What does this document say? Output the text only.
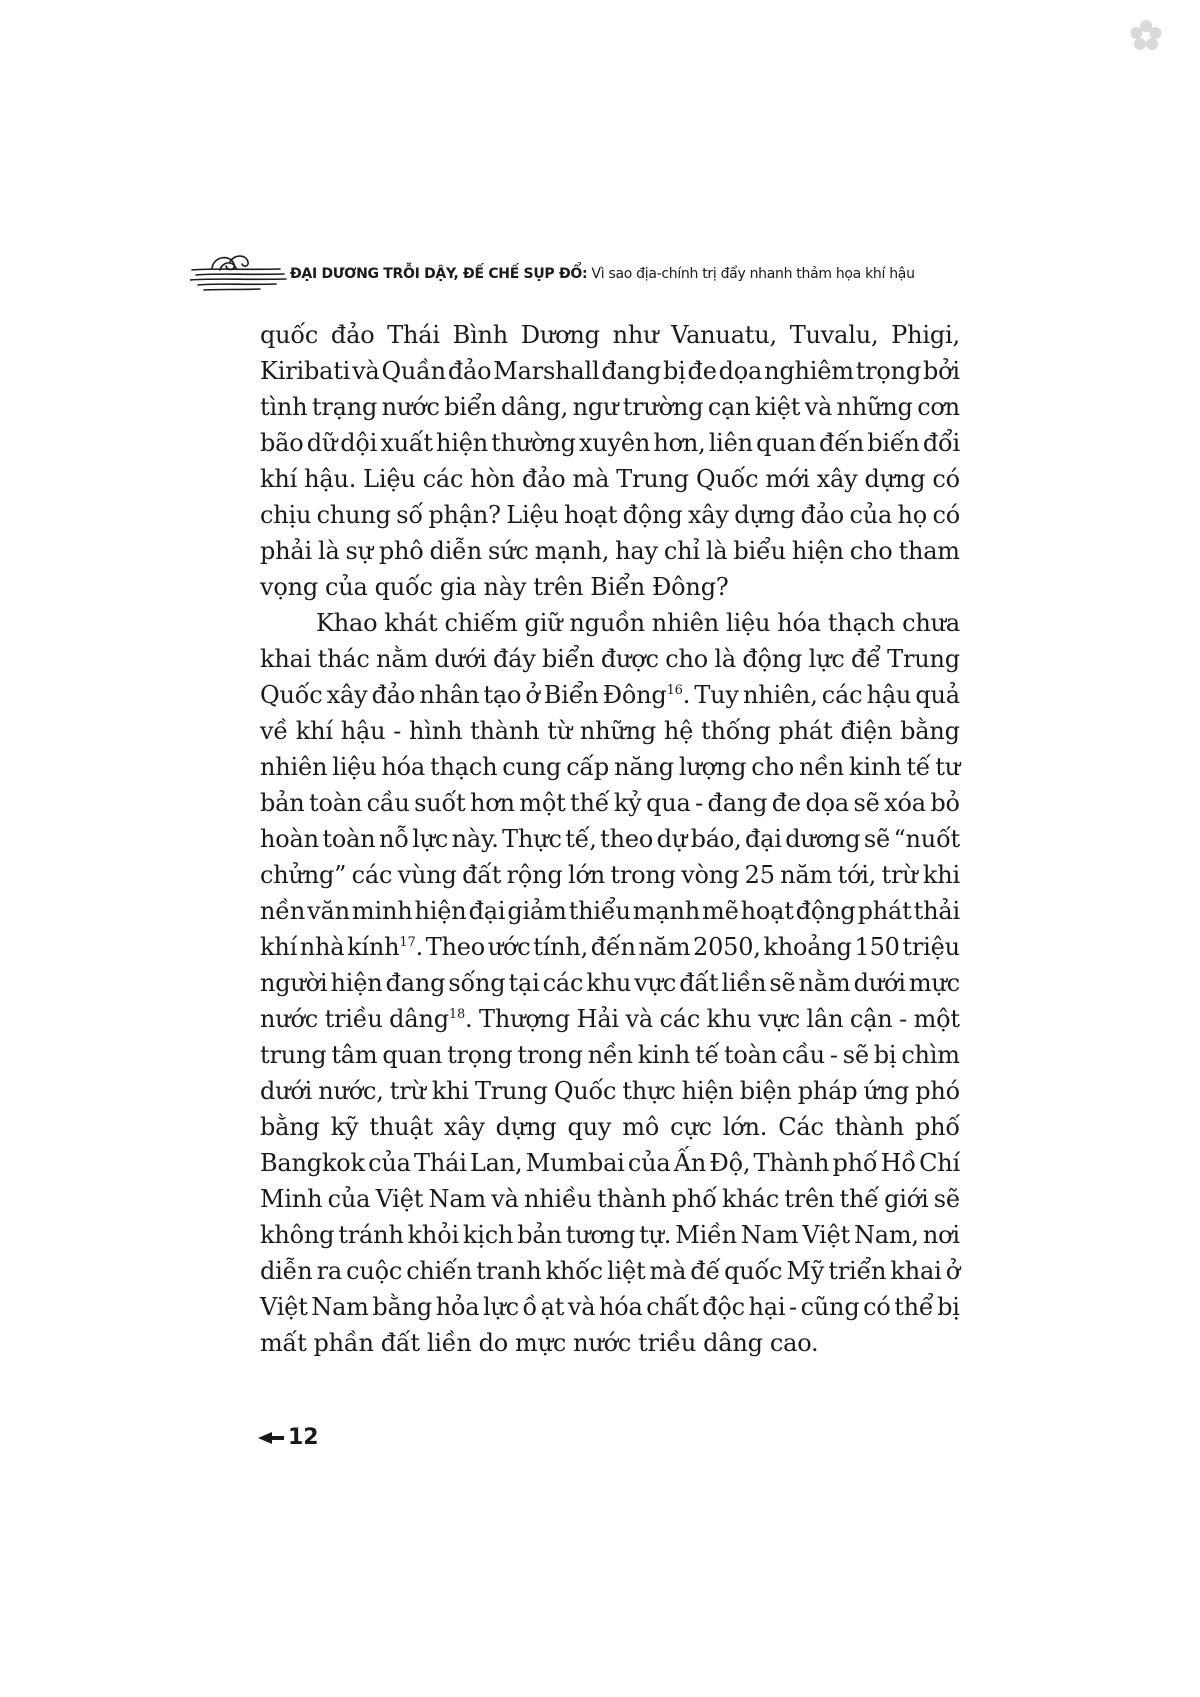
ĐẠI DƯƠNG TRỖI DẬY, ĐẾ CHẾ SỤP ĐỔ: Vì sao địa-chính trị đẩy nhanh thảm họa khí hậu
quốc đảo Thái Bình Dương như Vanuatu, Tuvalu, Phigi,
Kiribati và Quần đảo Marshall đang bị đe dọa nghiêm trọng bởi
tình trạng nước biển dâng, ngư trường cạn kiệt và những cơn
bão dữ dội xuất hiện thường xuyên hơn, liên quan đến biến đổi
khí hậu. Liệu các hòn đảo mà Trung Quốc mới xây dựng có
chịu chung số phận? Liệu hoạt động xây dựng đảo của họ có
phải là sự phô diễn sức mạnh, hay chỉ là biểu hiện cho tham
vọng của quốc gia này trên Biển Đông?
Khao khát chiếm giữ nguồn nhiên liệu hóa thạch chưa
khai thác nằm dưới đáy biển được cho là động lực để Trung
Quốc xây đảo nhân tạo ở Biển Đông$^{16}$. Tuy nhiên, các hậu quả
về khí hậu - hình thành từ những hệ thống phát điện bằng
nhiên liệu hóa thạch cung cấp năng lượng cho nền kinh tế tư
bản toàn cầu suốt hơn một thế kỷ qua - đang đe dọa sẽ xóa bỏ
hoàn toàn nỗ lực này. Thực tế, theo dự báo, đại dương sẽ “nuốt
chửng” các vùng đất rộng lớn trong vòng 25 năm tới, trừ khi
nền văn minh hiện đại giảm thiểu mạnh mẽ hoạt động phát thải
khí nhà kính$^{17}$. Theo ước tính, đến năm 2050, khoảng 150 triệu
người hiện đang sống tại các khu vực đất liền sẽ nằm dưới mực
nước triều dâng$^{18}$. Thượng Hải và các khu vực lân cận - một
trung tâm quan trọng trong nền kinh tế toàn cầu - sẽ bị chìm
dưới nước, trừ khi Trung Quốc thực hiện biện pháp ứng phó
bằng kỹ thuật xây dựng quy mô cực lớn. Các thành phố
Bangkok của Thái Lan, Mumbai của Ấn Độ, Thành phố Hồ Chí
Minh của Việt Nam và nhiều thành phố khác trên thế giới sẽ
không tránh khỏi kịch bản tương tự. Miền Nam Việt Nam, nơi
diễn ra cuộc chiến tranh khốc liệt mà đế quốc Mỹ triển khai ở
Việt Nam bằng hỏa lực ồ ạt và hóa chất độc hại - cũng có thể bị
mất phần đất liền do mực nước triều dâng cao.
12
